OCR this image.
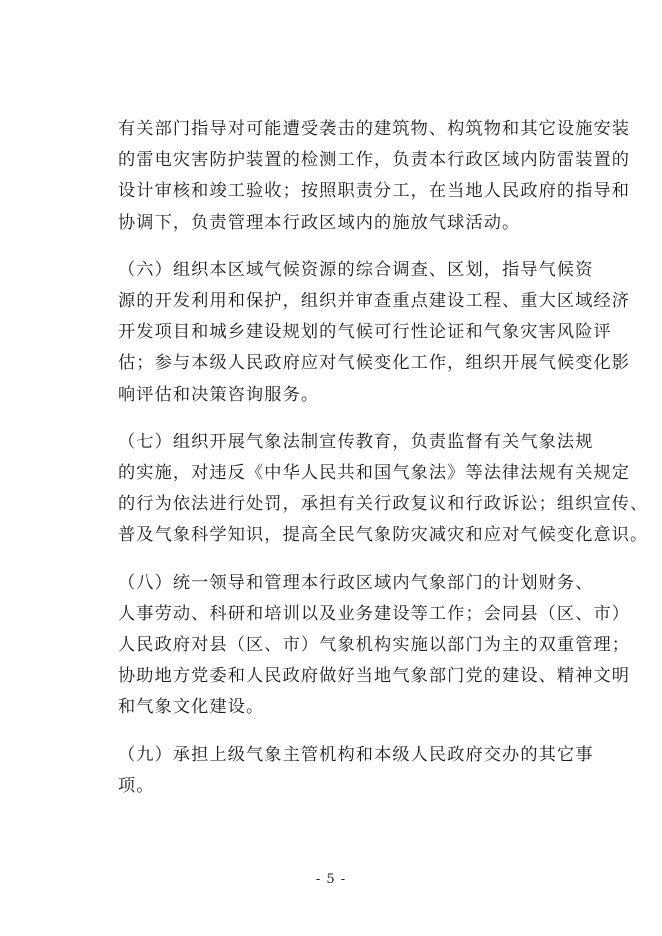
有关部门指导对可能遭受袭击的建筑物、构筑物和其它设施安装
的雷电灾害防护装置的检测工作，负责本行政区域内防雷装置的
设计审核和竣工验收；按照职责分工，在当地人民政府的指导和
协调下，负责管理本行政区域内的施放气球活动。

（六）组织本区域气候资源的综合调查、区划，指导气候资
源的开发利用和保护，组织并审查重点建设工程、重大区域经济
开发项目和城乡建设规划的气候可行性论证和气象灾害风险评
估；参与本级人民政府应对气候变化工作，组织开展气候变化影
响评估和决策咨询服务。

（七）组织开展气象法制宣传教育，负责监督有关气象法规
的实施，对违反《中华人民共和国气象法》等法律法规有关规定
的行为依法进行处罚，承担有关行政复议和行政诉讼；组织宣传、
普及气象科学知识，提高全民气象防灾减灾和应对气候变化意识。

（八）统一领导和管理本行政区域内气象部门的计划财务、
人事劳动、科研和培训以及业务建设等工作；会同县（区、市）
人民政府对县（区、市）气象机构实施以部门为主的双重管理；
协助地方党委和人民政府做好当地气象部门党的建设、精神文明
和气象文化建设。

（九）承担上级气象主管机构和本级人民政府交办的其它事
项。

- 5 -
